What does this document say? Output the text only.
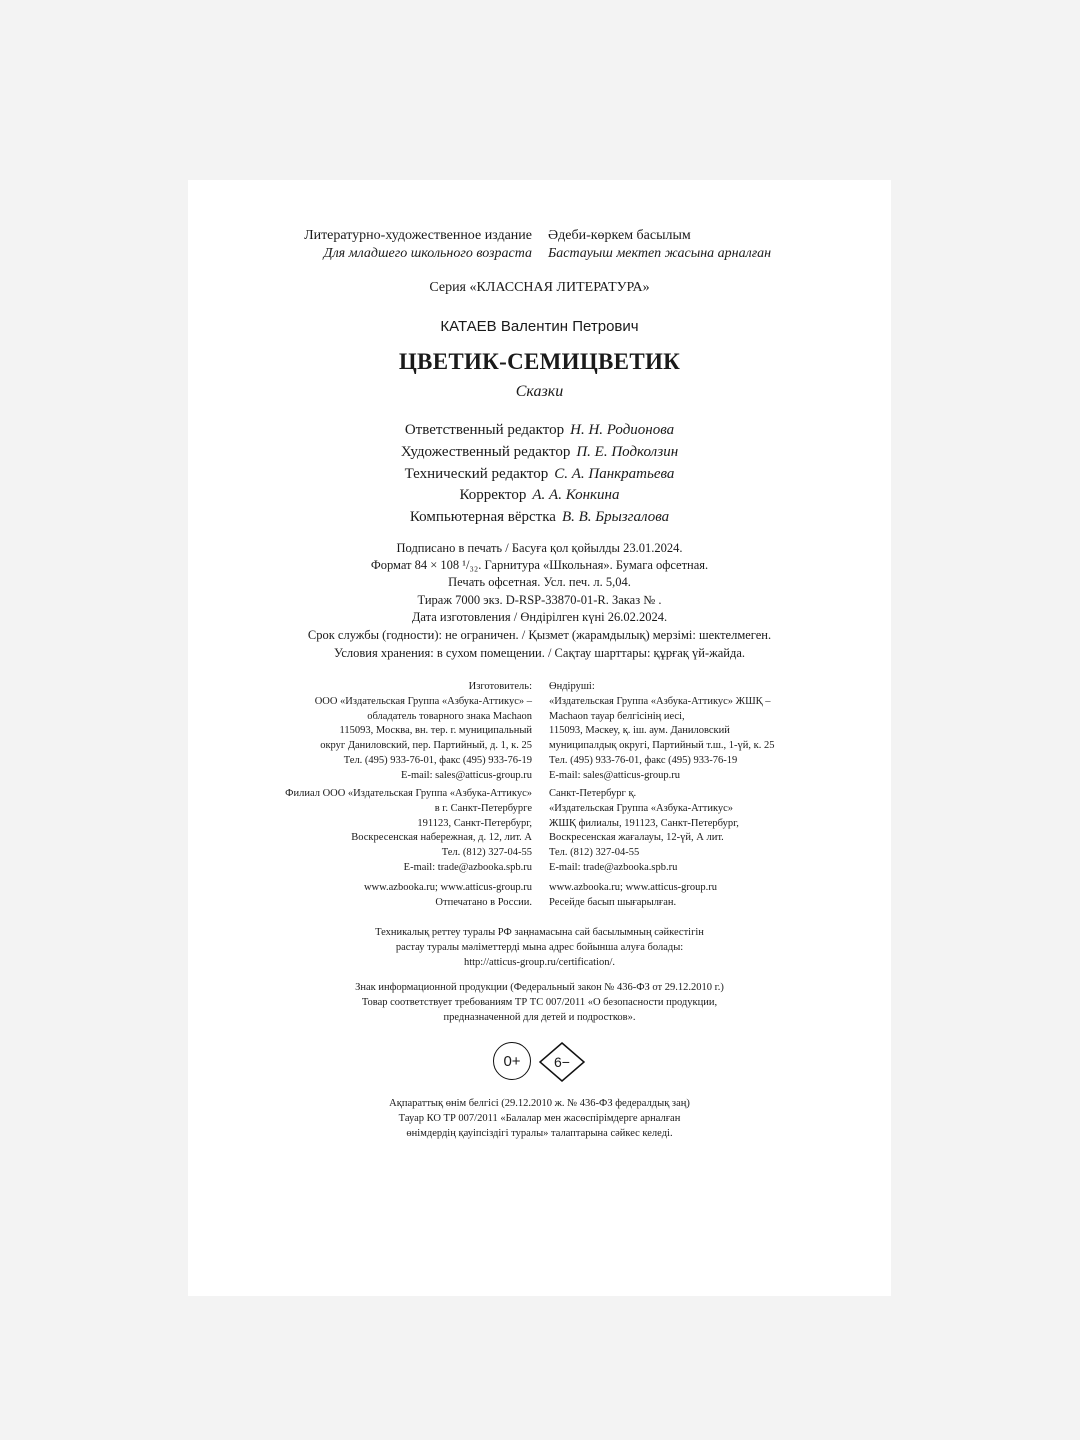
Литературно-художественное издание Әдеби-көркем басылым
Для младшего школьного возраста Бастауыш мектеп жасына арналған
Серия «КЛАССНАЯ ЛИТЕРАТУРА»
КАТАЕВ Валентин Петрович
ЦВЕТИК-СЕМИЦВЕТИК
Сказки
Ответственный редактор Н. Н. Родионова
Художественный редактор П. Е. Подколзин
Технический редактор С. А. Панкратьева
Корректор А. А. Конкина
Компьютерная вёрстка В. В. Брызгалова
Подписано в печать / Басуға қол қойылды 23.01.2024.
Формат 84 × 108 ¹/₃₂. Гарнитура «Школьная». Бумага офсетная.
Печать офсетная. Усл. печ. л. 5,04.
Тираж 7000 экз. D-RSP-33870-01-R. Заказ № .
Дата изготовления / Өндірілген күні 26.02.2024.
Срок службы (годности): не ограничен. / Қызмет (жарамдылық) мерзімі: шектелмеген.
Условия хранения: в сухом помещении. / Сақтау шарттары: құрғақ үй-жайда.
Изготовитель:
ООО «Издательская Группа «Азбука-Аттикус» –
обладатель товарного знака Machaon
115093, Москва, вн. тер. г. муниципальный
округ Даниловский, пер. Партийный, д. 1, к. 25
Тел. (495) 933-76-01, факс (495) 933-76-19
E-mail: sales@atticus-group.ru
Өндіруші:
«Издательская Группа «Азбука-Аттикус» ЖШҚ –
Machaon тауар белгісінің иесі,
115093, Мәскеу, қ. іш. аум. Даниловский
муниципалдық округі, Партийный т.ш., 1-үй, к. 25
Тел. (495) 933-76-01, факс (495) 933-76-19
E-mail: sales@atticus-group.ru
Филиал ООО «Издательская Группа «Азбука-Аттикус»
в г. Санкт-Петербурге
191123, Санкт-Петербург,
Воскресенская набережная, д. 12, лит. А
Тел. (812) 327-04-55
E-mail: trade@azbooka.spb.ru
Санкт-Петербург қ.
«Издательская Группа «Азбука-Аттикус»
ЖШҚ филиалы, 191123, Санкт-Петербург,
Воскресенская жағалауы, 12-үй, А лит.
Тел. (812) 327-04-55
E-mail: trade@azbooka.spb.ru
www.azbooka.ru; www.atticus-group.ru
Отпечатано в России.
www.azbooka.ru; www.atticus-group.ru
Ресейде басып шығарылған.
Техникалық реттеу туралы РФ заңнамасына сай басылымның сәйкестігін
растау туралы мәліметтерді мына адрес бойынша алуға болады:
http://atticus-group.ru/certification/.
Знак информационной продукции (Федеральный закон № 436-ФЗ от 29.12.2010 г.)
Товар соответствует требованиям ТР ТС 007/2011 «О безопасности продукции,
предназначенной для детей и подростков».
0+	6−
Ақпараттық өнім белгісі (29.12.2010 ж. № 436-ФЗ федералдық заң)
Тауар КО ТР 007/2011 «Балалар мен жасөспірімдерге арналған
өнімдердің қауіпсіздігі туралы» талаптарына сәйкес келеді.
